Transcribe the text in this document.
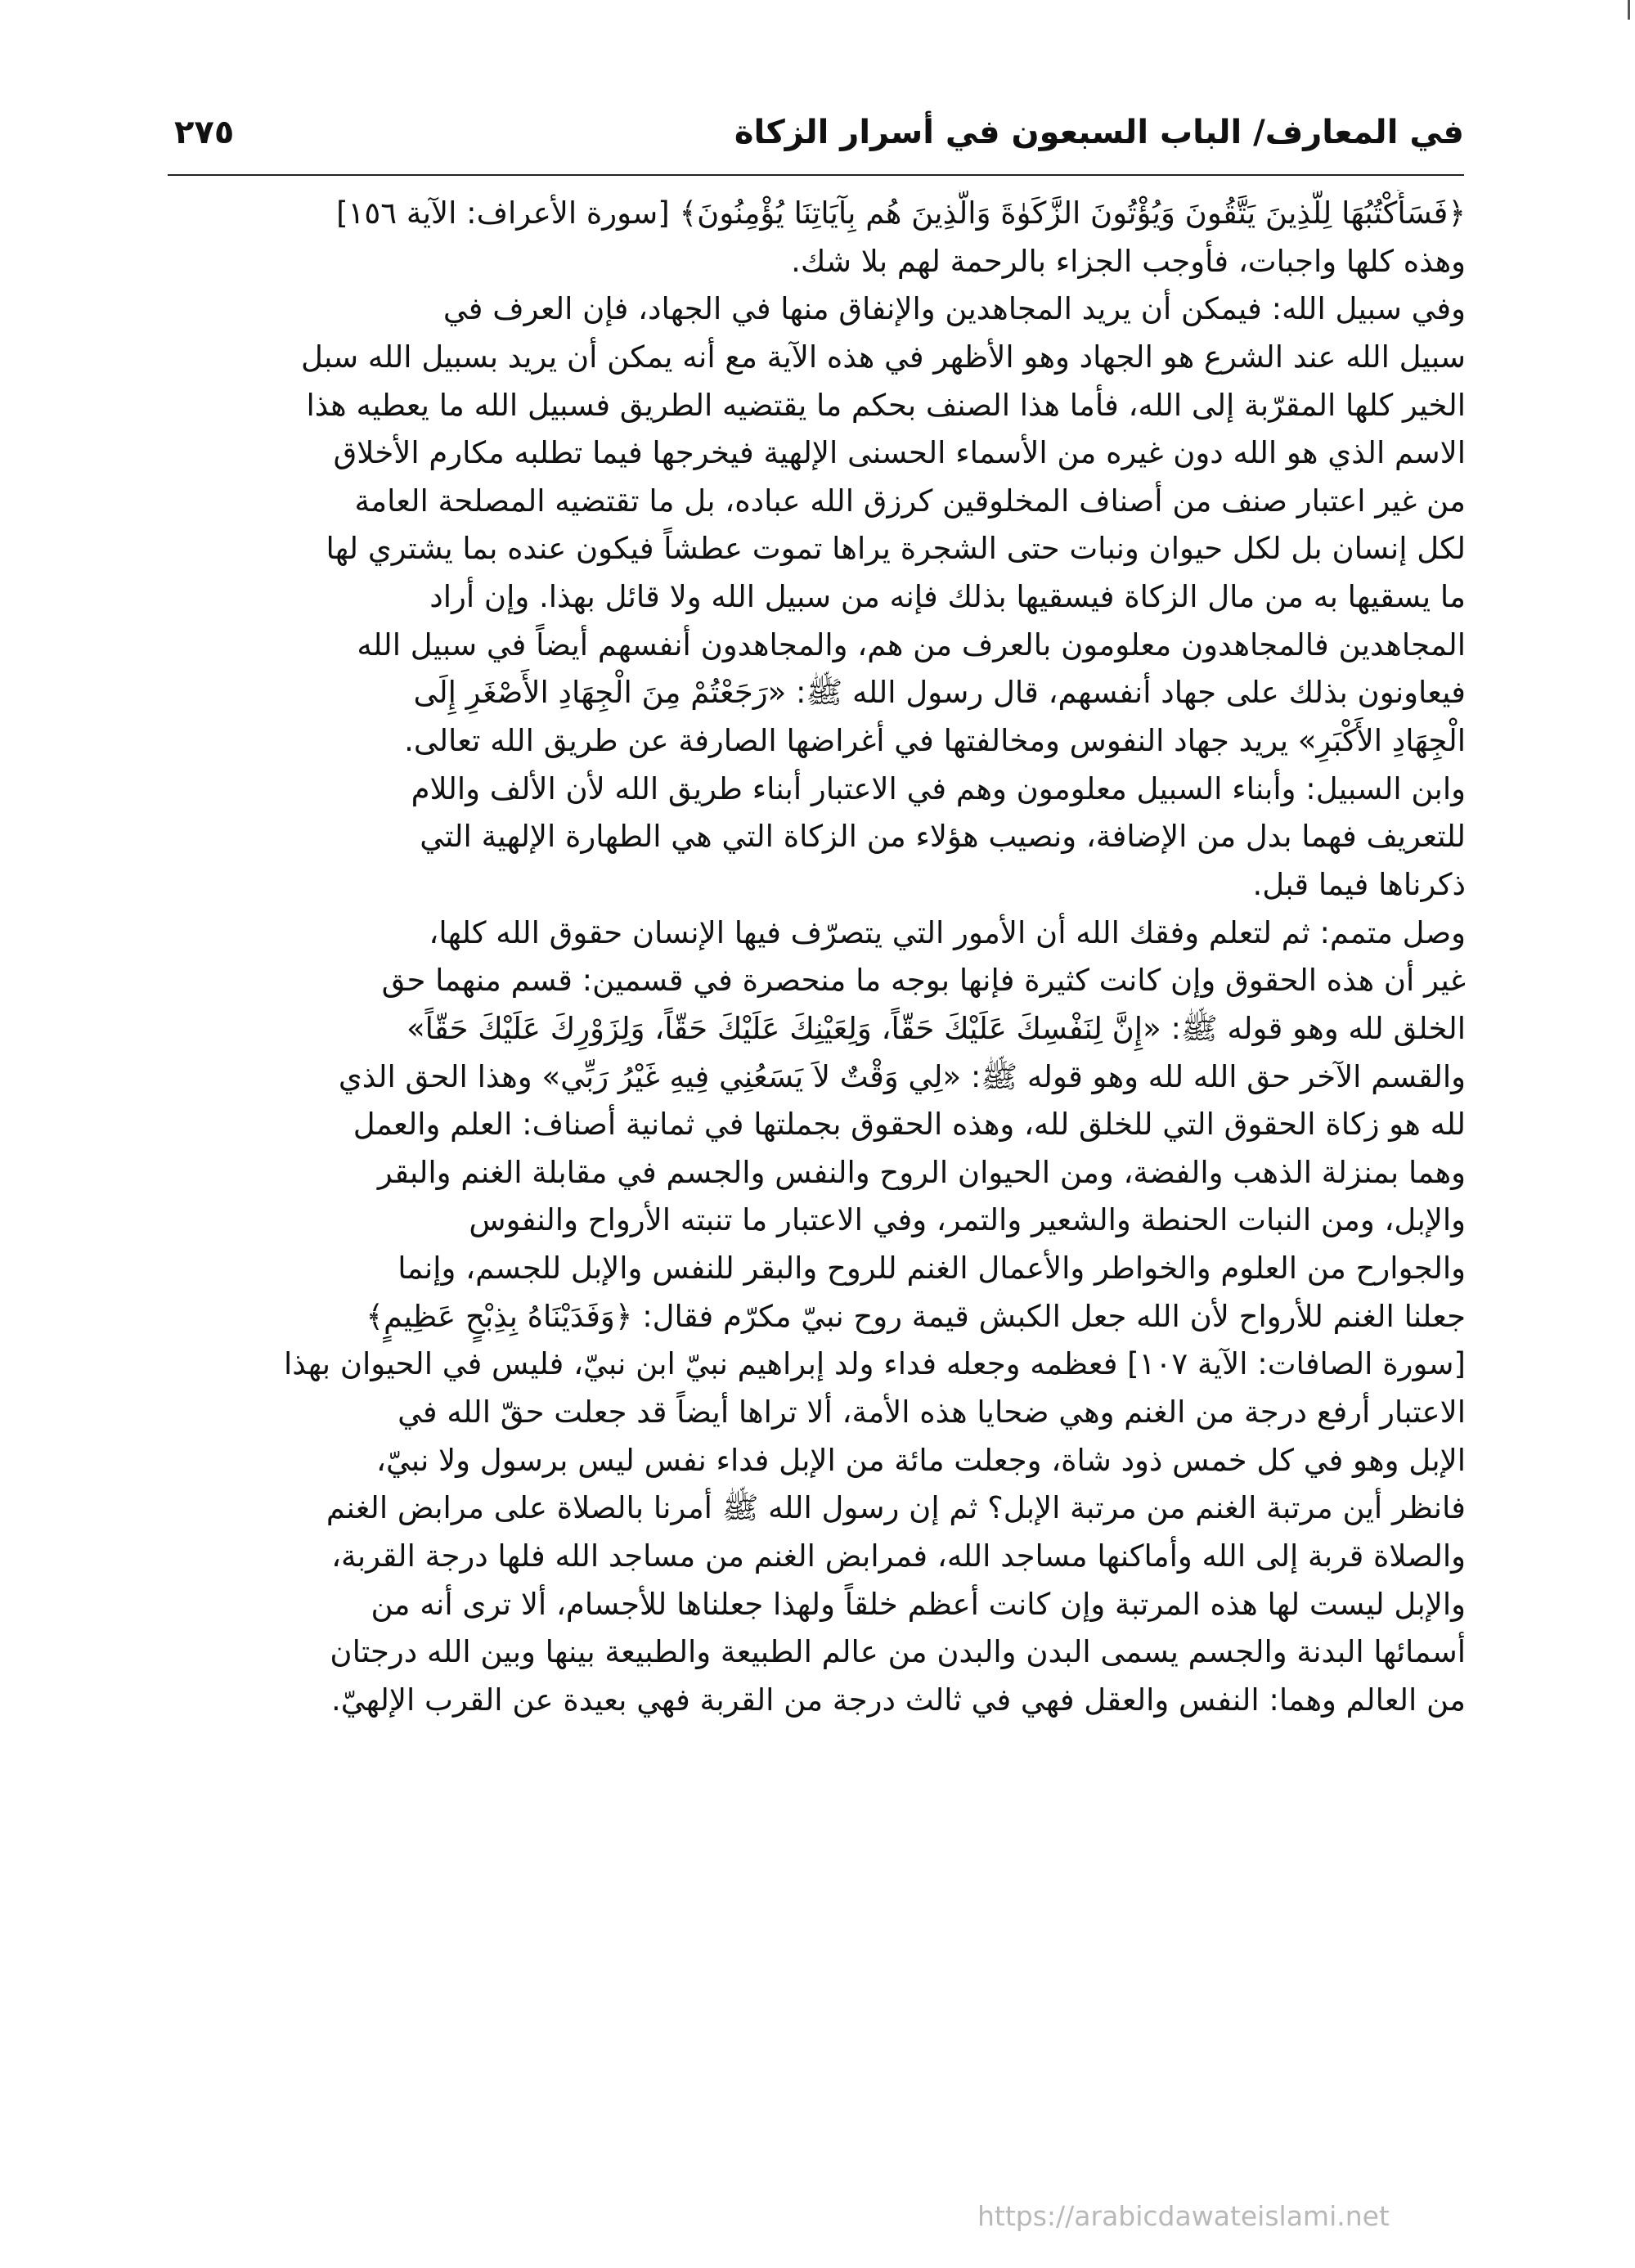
في المعارف/ الباب السبعون في أسرار الزكاة
٢٧٥
﴿فَسَأَكْتُبُهَا لِلَّذِينَ يَتَّقُونَ وَيُؤْتُونَ الزَّكَوٰةَ وَالَّذِينَ هُم بِآيَاتِنَا يُؤْمِنُونَ﴾ [سورة الأعراف: الآية ١٥٦]
وهذه كلها واجبات، فأوجب الجزاء بالرحمة لهم بلا شك.
وفي سبيل الله: فيمكن أن يريد المجاهدين والإنفاق منها في الجهاد، فإن العرف في
سبيل الله عند الشرع هو الجهاد وهو الأظهر في هذه الآية مع أنه يمكن أن يريد بسبيل الله سبل
الخير كلها المقرّبة إلى الله، فأما هذا الصنف بحكم ما يقتضيه الطريق فسبيل الله ما يعطيه هذا
الاسم الذي هو الله دون غيره من الأسماء الحسنى الإلهية فيخرجها فيما تطلبه مكارم الأخلاق
من غير اعتبار صنف من أصناف المخلوقين كرزق الله عباده، بل ما تقتضيه المصلحة العامة
لكل إنسان بل لكل حيوان ونبات حتى الشجرة يراها تموت عطشاً فيكون عنده بما يشتري لها
ما يسقيها به من مال الزكاة فيسقيها بذلك فإنه من سبيل الله ولا قائل بهذا. وإن أراد
المجاهدين فالمجاهدون معلومون بالعرف من هم، والمجاهدون أنفسهم أيضاً في سبيل الله
فيعاونون بذلك على جهاد أنفسهم، قال رسول الله ﷺ: «رَجَعْتُمْ مِنَ الْجِهَادِ الأَصْغَرِ إِلَى
الْجِهَادِ الأَكْبَرِ» يريد جهاد النفوس ومخالفتها في أغراضها الصارفة عن طريق الله تعالى.
وابن السبيل: وأبناء السبيل معلومون وهم في الاعتبار أبناء طريق الله لأن الألف واللام
للتعريف فهما بدل من الإضافة، ونصيب هؤلاء من الزكاة التي هي الطهارة الإلهية التي
ذكرناها فيما قبل.
وصل متمم: ثم لتعلم وفقك الله أن الأمور التي يتصرّف فيها الإنسان حقوق الله كلها،
غير أن هذه الحقوق وإن كانت كثيرة فإنها بوجه ما منحصرة في قسمين: قسم منهما حق
الخلق لله وهو قوله ﷺ: «إِنَّ لِنَفْسِكَ عَلَيْكَ حَقّاً، وَلِعَيْنِكَ عَلَيْكَ حَقّاً، وَلِزَوْرِكَ عَلَيْكَ حَقّاً»
والقسم الآخر حق الله لله وهو قوله ﷺ: «لِي وَقْتٌ لاَ يَسَعُنِي فِيهِ غَيْرُ رَبِّي» وهذا الحق الذي
لله هو زكاة الحقوق التي للخلق لله، وهذه الحقوق بجملتها في ثمانية أصناف: العلم والعمل
وهما بمنزلة الذهب والفضة، ومن الحيوان الروح والنفس والجسم في مقابلة الغنم والبقر
والإبل، ومن النبات الحنطة والشعير والتمر، وفي الاعتبار ما تنبته الأرواح والنفوس
والجوارح من العلوم والخواطر والأعمال الغنم للروح والبقر للنفس والإبل للجسم، وإنما
جعلنا الغنم للأرواح لأن الله جعل الكبش قيمة روح نبيّ مكرّم فقال: ﴿وَفَدَيْنَاهُ بِذِبْحٍ عَظِيمٍ﴾
[سورة الصافات: الآية ١٠٧] فعظمه وجعله فداء ولد إبراهيم نبيّ ابن نبيّ، فليس في الحيوان بهذا
الاعتبار أرفع درجة من الغنم وهي ضحايا هذه الأمة، ألا تراها أيضاً قد جعلت حقّ الله في
الإبل وهو في كل خمس ذود شاة، وجعلت مائة من الإبل فداء نفس ليس برسول ولا نبيّ،
فانظر أين مرتبة الغنم من مرتبة الإبل؟ ثم إن رسول الله ﷺ أمرنا بالصلاة على مرابض الغنم
والصلاة قربة إلى الله وأماكنها مساجد الله، فمرابض الغنم من مساجد الله فلها درجة القربة،
والإبل ليست لها هذه المرتبة وإن كانت أعظم خلقاً ولهذا جعلناها للأجسام، ألا ترى أنه من
أسمائها البدنة والجسم يسمى البدن والبدن من عالم الطبيعة والطبيعة بينها وبين الله درجتان
من العالم وهما: النفس والعقل فهي في ثالث درجة من القربة فهي بعيدة عن القرب الإلهيّ.
https://arabicdawateislami.net
